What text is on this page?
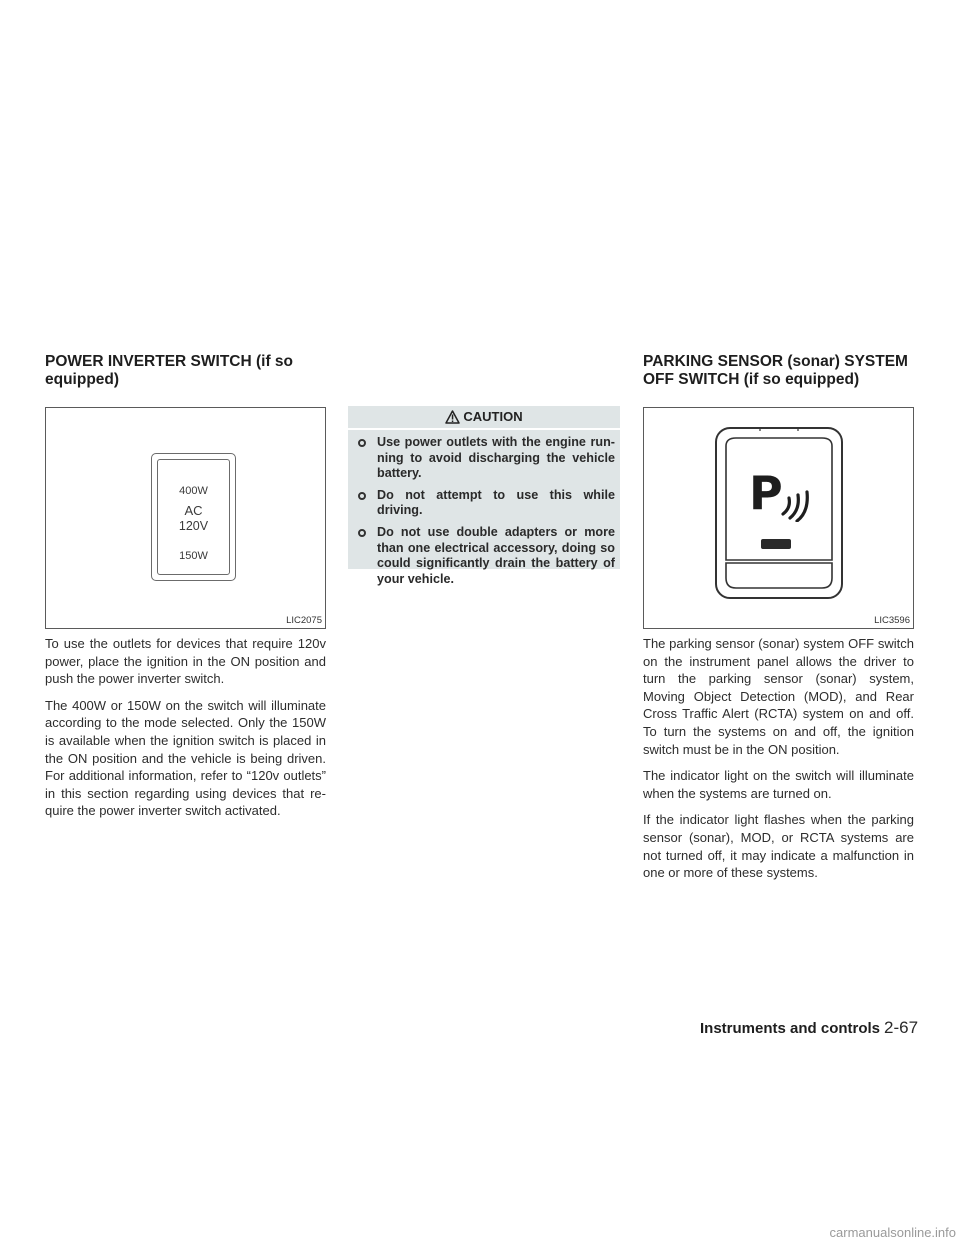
POWER INVERTER SWITCH (if so equipped)
400W
AC
120V
150W
LIC2075

To use the outlets for devices that require 120v power, place the ignition in the ON position and push the power inverter switch.

The 400W or 150W on the switch will illuminate according to the mode selected. Only the 150W is available when the ignition switch is placed in the ON position and the vehicle is being driven. For additional information, refer to “120v outlets” in this section regarding using devices that require the power inverter switch activated.

CAUTION
Use power outlets with the engine running to avoid discharging the vehicle battery.
Do not attempt to use this while driving.
Do not use double adapters or more than one electrical accessory, doing so could significantly drain the battery of your vehicle.
PARKING SENSOR (sonar) SYSTEM OFF SWITCH (if so equipped)
P
LIC3596

The parking sensor (sonar) system OFF switch on the instrument panel allows the driver to turn the parking sensor (sonar) system, Moving Object Detection (MOD), and Rear Cross Traffic Alert (RCTA) system on and off. To turn the systems on and off, the ignition switch must be in the ON position.

The indicator light on the switch will illuminate when the systems are turned on.

If the indicator light flashes when the parking sensor (sonar), MOD, or RCTA systems are not turned off, it may indicate a malfunction in one or more of these systems.

Instruments and controls 2-67
carmanualsonline.info
